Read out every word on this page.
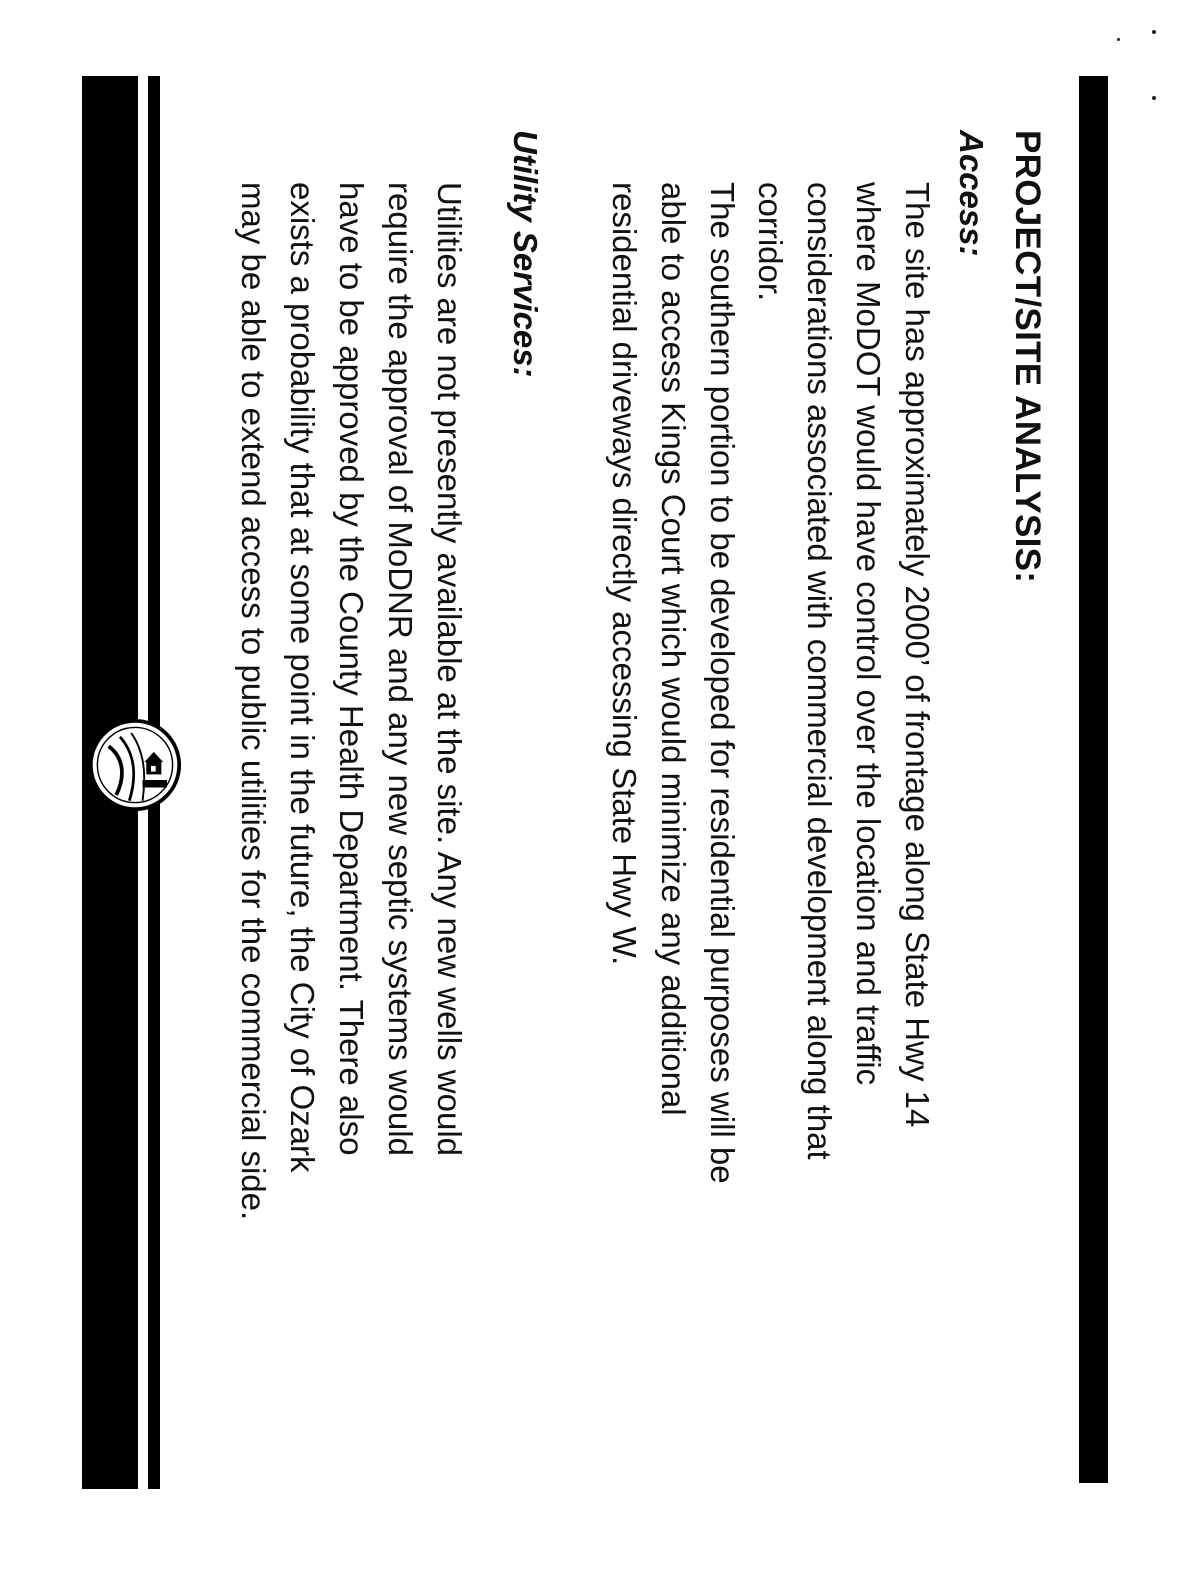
PROJECT/SITE ANALYSIS:
Access:

The site has approximately 2000’ of frontage along State Hwy 14
where MoDOT would have control over the location and traffic
considerations associated with commercial development along that
corridor.

The southern portion to be developed for residential purposes will be
able to access Kings Court which would minimize any additional
residential driveways directly accessing State Hwy W.

Utility Services:

Utilities are not presently available at the site. Any new wells would
require the approval of MoDNR and any new septic systems would
have to be approved by the County Health Department. There also
exists a probability that at some point in the future, the City of Ozark
may be able to extend access to public utilities for the commercial side.
